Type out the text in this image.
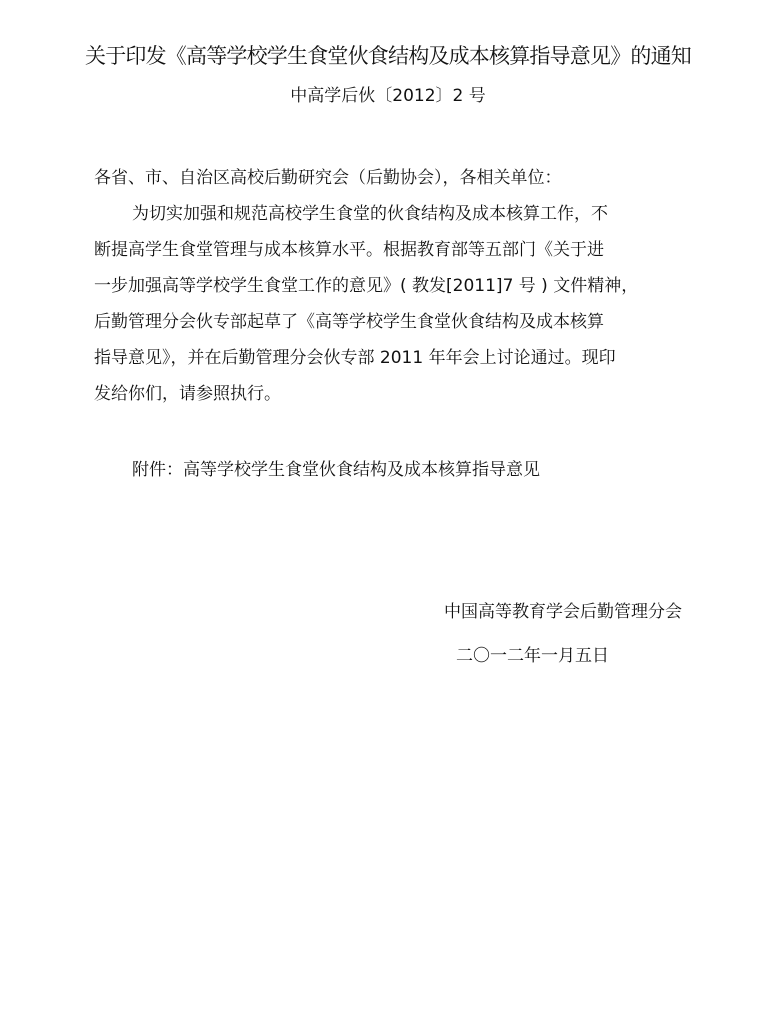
关于印发《高等学校学生食堂伙食结构及成本核算指导意见》的通知
中高学后伙〔2012〕2 号
各省、市、自治区高校后勤研究会（后勤协会），各相关单位：
为切实加强和规范高校学生食堂的伙食结构及成本核算工作，不
断提高学生食堂管理与成本核算水平。根据教育部等五部门《关于进
一步加强高等学校学生食堂工作的意见》( 教发[2011]7 号 ) 文件精神，
后勤管理分会伙专部起草了《高等学校学生食堂伙食结构及成本核算
指导意见》，并在后勤管理分会伙专部 2011 年年会上讨论通过。现印
发给你们，请参照执行。
附件：高等学校学生食堂伙食结构及成本核算指导意见
中国高等教育学会后勤管理分会
二〇一二年一月五日
